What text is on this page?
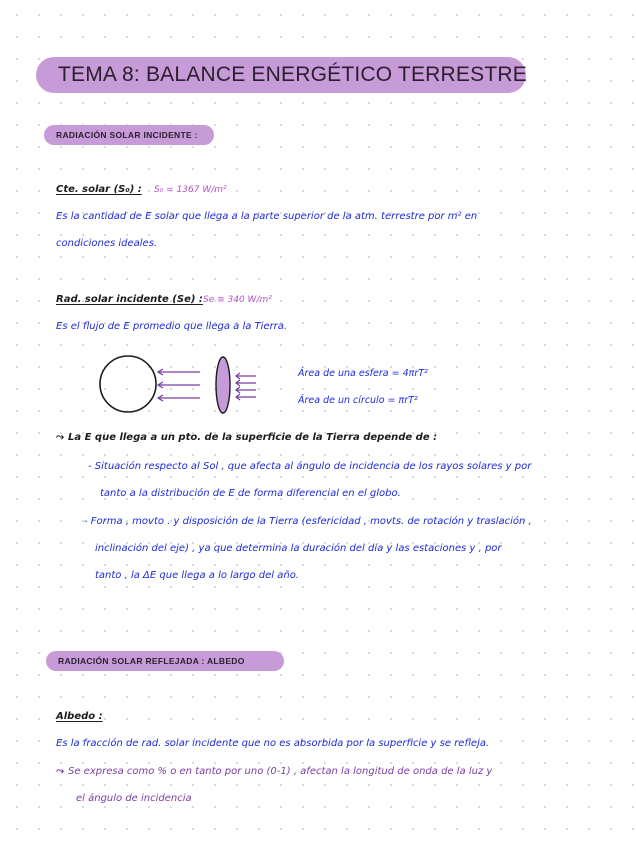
TEMA 8: BALANCE ENERGÉTICO TERRESTRE
RADIACIÓN SOLAR INCIDENTE :
Cte. solar (S₀) : S₀ = 1367 W/m²
Es la cantidad de E solar que llega a la parte superior de la atm. terrestre por m² en
condiciones ideales.
Rad. solar incidente (Se) : Se ≅ 340 W/m²
Es el flujo de E promedio que llega a la Tierra.
Área de una esfera = 4πrT²
Área de un círculo = πrT²
⤳ La E que llega a un pto. de la superficie de la Tierra depende de :
- Situación respecto al Sol , que afecta al ángulo de incidencia de los rayos solares y por
tanto a la distribución de E de forma diferencial en el globo.
- Forma , movto . y disposición de la Tierra (esfericidad , movts. de rotación y traslación ,
inclinación del eje) , ya que determina la duración del día y las estaciones y , por
tanto , la ΔE que llega a lo largo del año.
RADIACIÓN SOLAR REFLEJADA : ALBEDO
Albedo :
Es la fracción de rad. solar incidente que no es absorbida por la superficie y se refleja.
⤳ Se expresa como % o en tanto por uno (0-1) , afectan la longitud de onda de la luz y
el ángulo de incidencia
